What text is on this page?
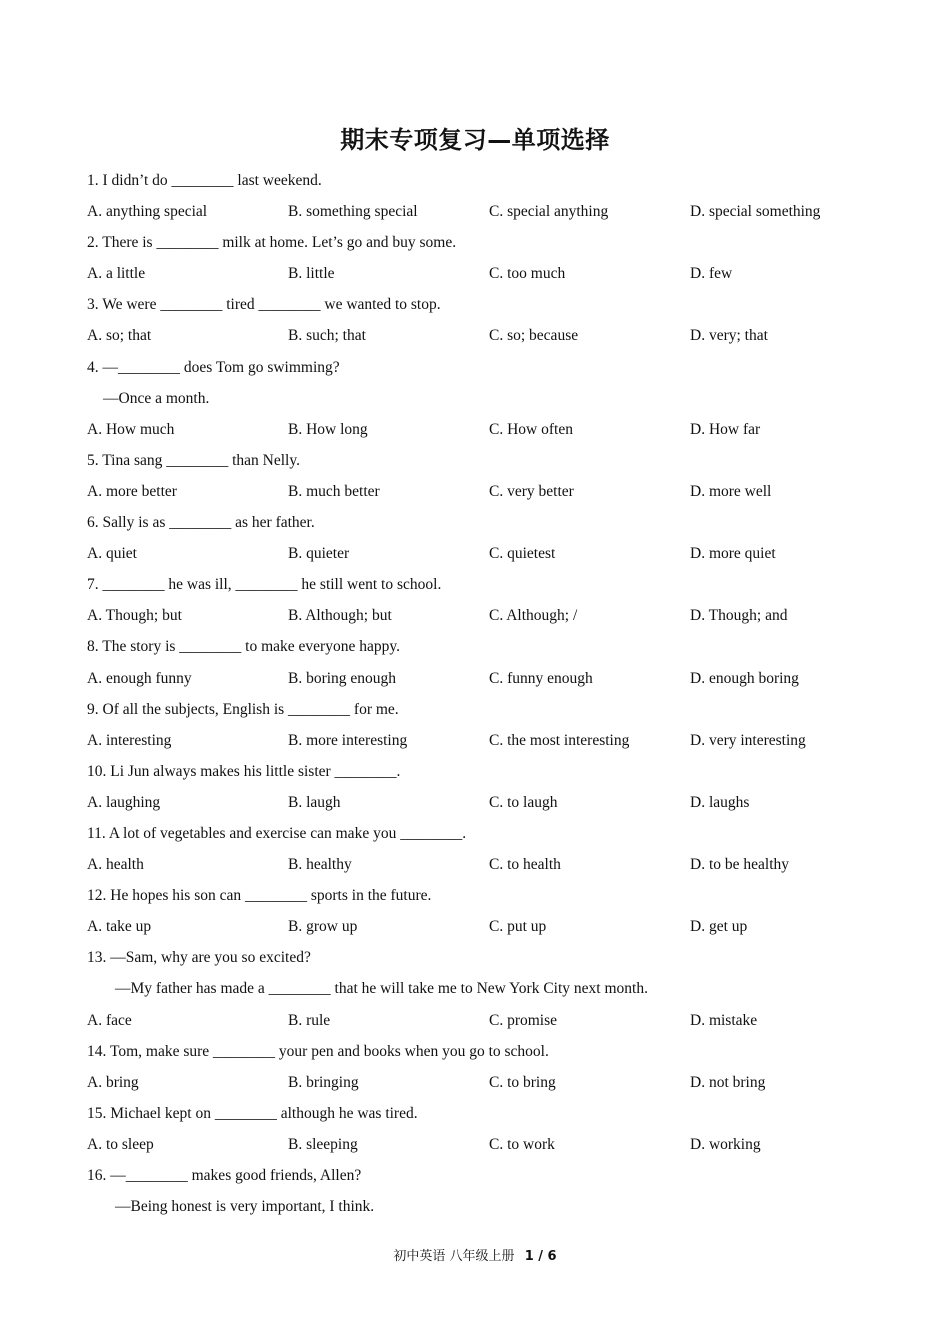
期末专项复习—单项选择
1. I didn’t do ________ last weekend.
A. anything special	B. something special	C. special anything	D. special something
2. There is ________ milk at home. Let’s go and buy some.
A. a little	B. little	C. too much	D. few
3. We were ________ tired ________ we wanted to stop.
A. so; that	B. such; that	C. so; because	D. very; that
4. —________ does Tom go swimming?
—Once a month.
A. How much	B. How long	C. How often	D. How far
5. Tina sang ________ than Nelly.
A. more better	B. much better	C. very better	D. more well
6. Sally is as ________ as her father.
A. quiet	B. quieter	C. quietest	D. more quiet
7. ________ he was ill, ________ he still went to school.
A. Though; but	B. Although; but	C. Although; /	D. Though; and
8. The story is ________ to make everyone happy.
A. enough funny	B. boring enough	C. funny enough	D. enough boring
9. Of all the subjects, English is ________ for me.
A. interesting	B. more interesting	C. the most interesting	D. very interesting
10. Li Jun always makes his little sister ________.
A. laughing	B. laugh	C. to laugh	D. laughs
11. A lot of vegetables and exercise can make you ________.
A. health	B. healthy	C. to health	D. to be healthy
12. He hopes his son can ________ sports in the future.
A. take up	B. grow up	C. put up	D. get up
13. —Sam, why are you so excited?
—My father has made a ________ that he will take me to New York City next month.
A. face	B. rule	C. promise	D. mistake
14. Tom, make sure ________ your pen and books when you go to school.
A. bring	B. bringing	C. to bring	D. not bring
15. Michael kept on ________ although he was tired.
A. to sleep	B. sleeping	C. to work	D. working
16. —________ makes good friends, Allen?
—Being honest is very important, I think.
初中英语 八年级上册 1 / 6
